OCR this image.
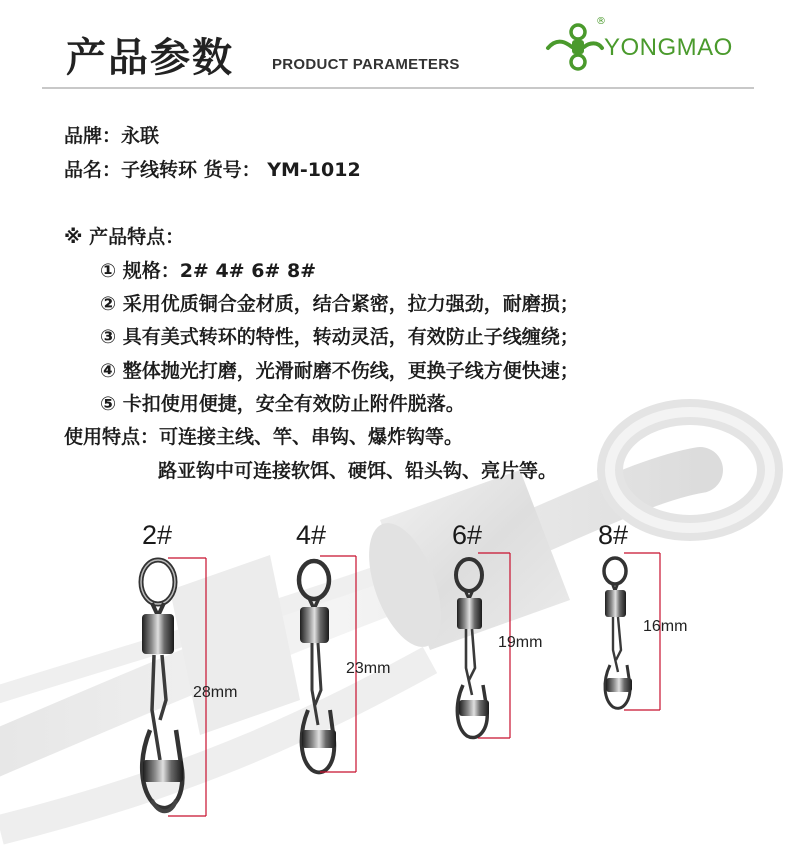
产品参数	PRODUCT PARAMETERS
®
YONGMAO
品牌：永联
品名：子线转环 货号： YM-1012
※ 产品特点：
① 规格：2# 4# 6# 8#
② 采用优质铜合金材质，结合紧密，拉力强劲，耐磨损；
③ 具有美式转环的特性，转动灵活，有效防止子线缠绕；
④ 整体抛光打磨，光滑耐磨不伤线，更换子线方便快速；
⑤ 卡扣使用便捷，安全有效防止附件脱落。
使用特点：可连接主线、竿、串钩、爆炸钩等。
路亚钩中可连接软饵、硬饵、铅头钩、亮片等。
2#	4#	6#	8#
28mm
23mm
19mm
16mm
